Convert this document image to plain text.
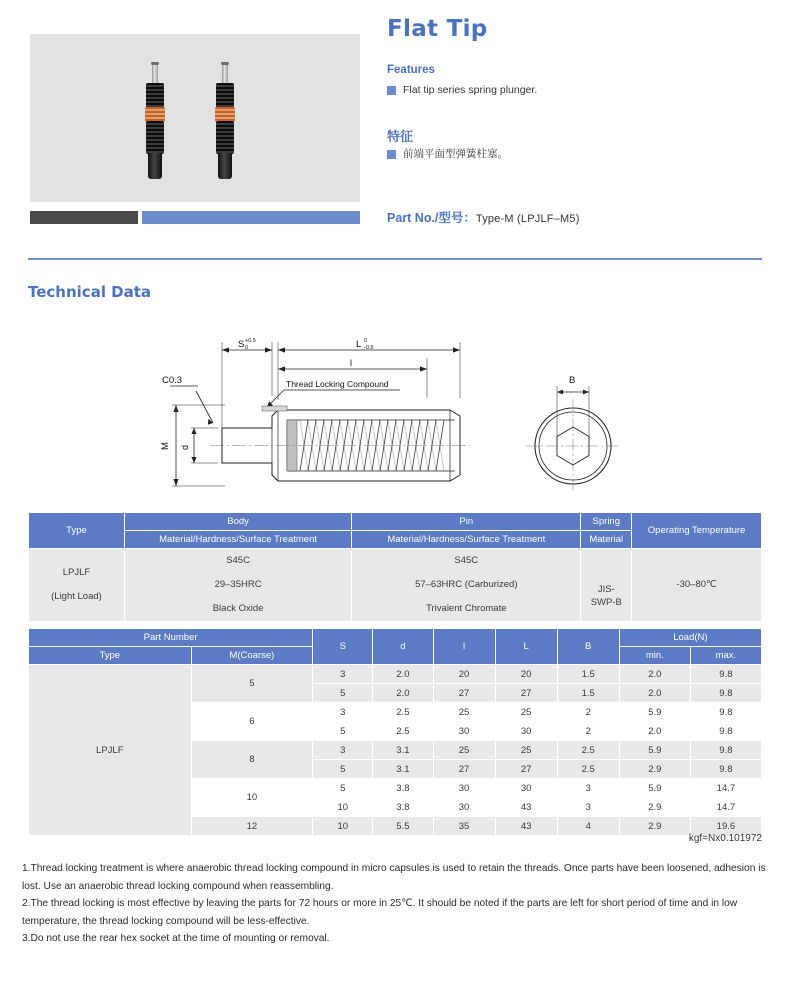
Flat Tip
Features
Flat tip series spring plunger.
特征
前端平面型弹簧柱塞。
Part No./型号：Type-M (LPJLF–M5)
Technical Data
S +0.5
0	L 0
-0.5
l
C0.3	Thread Locking Compound
M d
B
Type	Body	Pin	Spring	Operating Temperature
	Material/Hardness/Surface Treatment	Material/Hardness/Surface Treatment	Material	

LPJLF
(Light Load)

S45C
29–35HRC
Black Oxide

S45C
57–63HRC (Carburized)
Trivalent Chromate

JIS-
SWP-B
	-30–80℃
Part Number		S	d	l	L	B	Load(N)	
Type	M(Coarse)						min.	max.
LPJLF	5	3	2.0	20	20	1.5	2.0	9.8
		5	2.0	27	27	1.5	2.0	9.8
	6	3	2.5	25	25	2	5.9	9.8
		5	2.5	30	30	2	2.0	9.8
	8	3	3.1	25	25	2.5	5.9	9.8
		5	3.1	27	27	2.5	2.9	9.8
	10	5	3.8	30	30	3	5.9	14.7
		10	3.8	30	43	3	2.9	14.7
	12	10	5.5	35	43	4	2.9	19.6
kgf=Nx0.101972

1.Thread locking treatment is where anaerobic thread locking compound in micro capsules is used to retain the threads. Once parts have been loosened, adhesion is lost. Use an anaerobic thread locking compound when reassembling.

2.The thread locking is most effective by leaving the parts for 72 hours or more in 25℃. It should be noted if the parts are left for short period of time and in low temperature, the thread locking compound will be less-effective.

3.Do not use the rear hex socket at the time of mounting or removal.
